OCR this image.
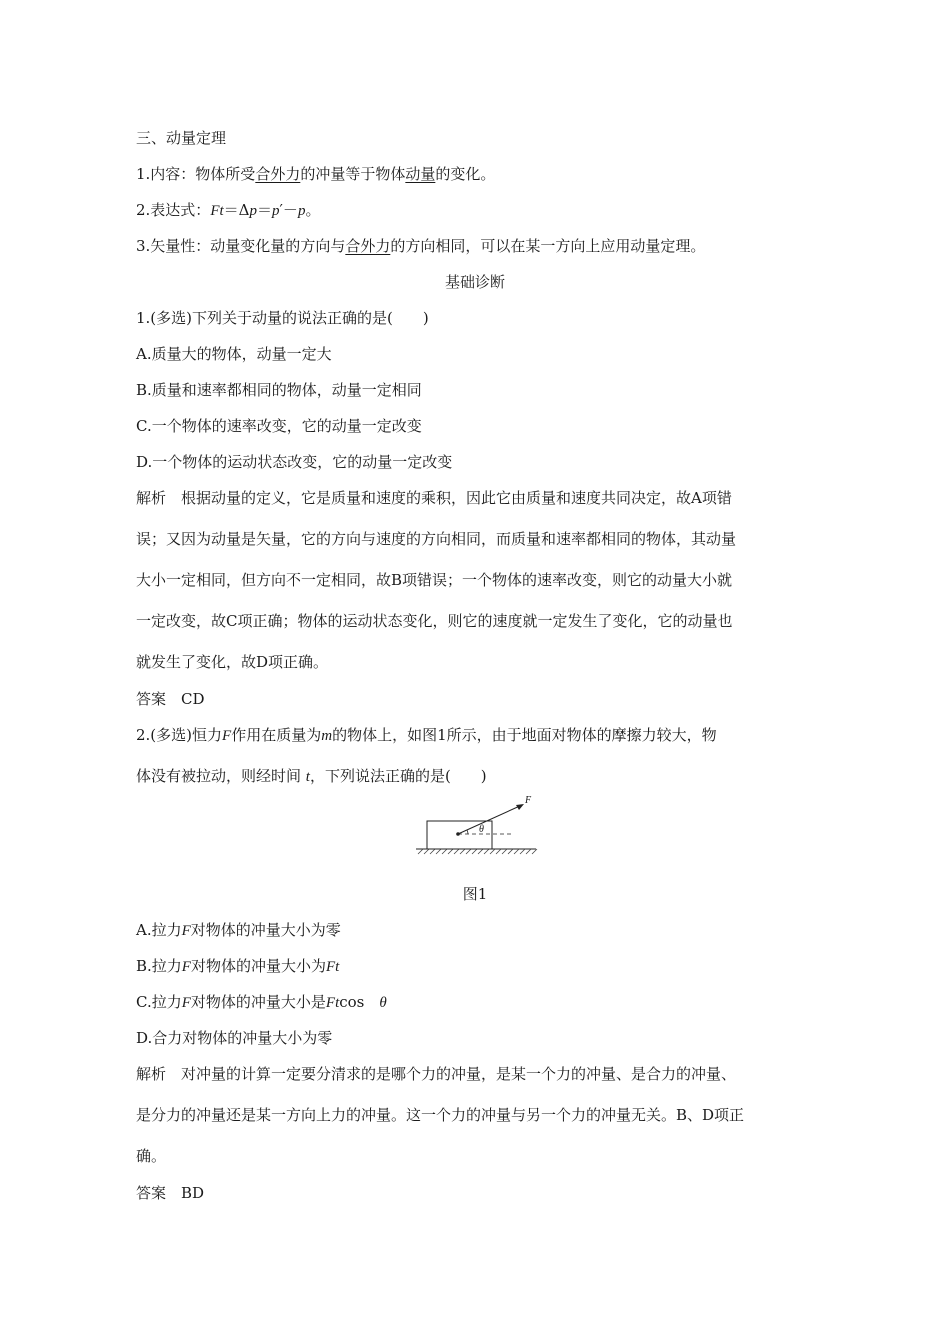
三、动量定理
1.内容：物体所受合外力的冲量等于物体动量的变化。
2.表达式：Ft＝Δp＝p′－p。
3.矢量性：动量变化量的方向与合外力的方向相同，可以在某一方向上应用动量定理。
基础诊断
1.(多选)下列关于动量的说法正确的是(　　)
A.质量大的物体，动量一定大
B.质量和速率都相同的物体，动量一定相同
C.一个物体的速率改变，它的动量一定改变
D.一个物体的运动状态改变，它的动量一定改变
解析　根据动量的定义，它是质量和速度的乘积，因此它由质量和速度共同决定，故A项错
误；又因为动量是矢量，它的方向与速度的方向相同，而质量和速率都相同的物体，其动量
大小一定相同，但方向不一定相同，故B项错误；一个物体的速率改变，则它的动量大小就
一定改变，故C项正确；物体的运动状态变化，则它的速度就一定发生了变化，它的动量也
就发生了变化，故D项正确。
答案　CD
2.(多选)恒力F作用在质量为m的物体上，如图1所示，由于地面对物体的摩擦力较大，物
体没有被拉动，则经时间 t，下列说法正确的是(　　)
F
θ
图1
A.拉力F对物体的冲量大小为零
B.拉力F对物体的冲量大小为Ft
C.拉力F对物体的冲量大小是Ftcos　θ
D.合力对物体的冲量大小为零
解析　对冲量的计算一定要分清求的是哪个力的冲量，是某一个力的冲量、是合力的冲量、
是分力的冲量还是某一方向上力的冲量。这一个力的冲量与另一个力的冲量无关。B、D项正
确。
答案　BD
